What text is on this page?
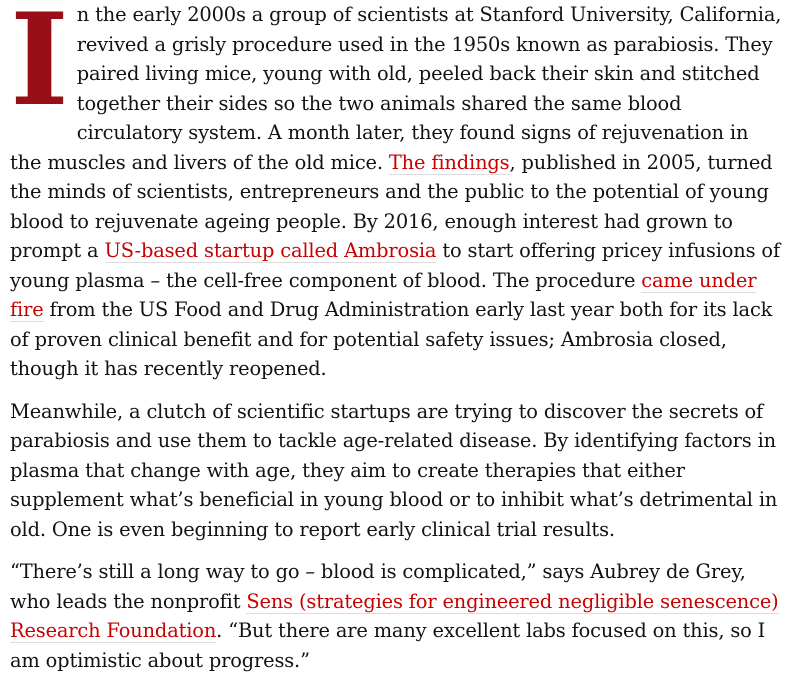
In the early 2000s a group of scientists at Stanford University, California, revived a grisly procedure used in the 1950s known as parabiosis. They paired living mice, young with old, peeled back their skin and stitched together their sides so the two animals shared the same blood circulatory system. A month later, they found signs of rejuvenation in the muscles and livers of the old mice. The findings, published in 2005, turned the minds of scientists, entrepreneurs and the public to the potential of young blood to rejuvenate ageing people. By 2016, enough interest had grown to prompt a US-based startup called Ambrosia to start offering pricey infusions of young plasma – the cell-free component of blood. The procedure came under fire from the US Food and Drug Administration early last year both for its lack of proven clinical benefit and for potential safety issues; Ambrosia closed, though it has recently reopened.

Meanwhile, a clutch of scientific startups are trying to discover the secrets of parabiosis and use them to tackle age-related disease. By identifying factors in plasma that change with age, they aim to create therapies that either supplement what’s beneficial in young blood or to inhibit what’s detrimental in old. One is even beginning to report early clinical trial results.

“There’s still a long way to go – blood is complicated,” says Aubrey de Grey, who leads the nonprofit Sens (strategies for engineered negligible senescence) Research Foundation. “But there are many excellent labs focused on this, so I am optimistic about progress.”
